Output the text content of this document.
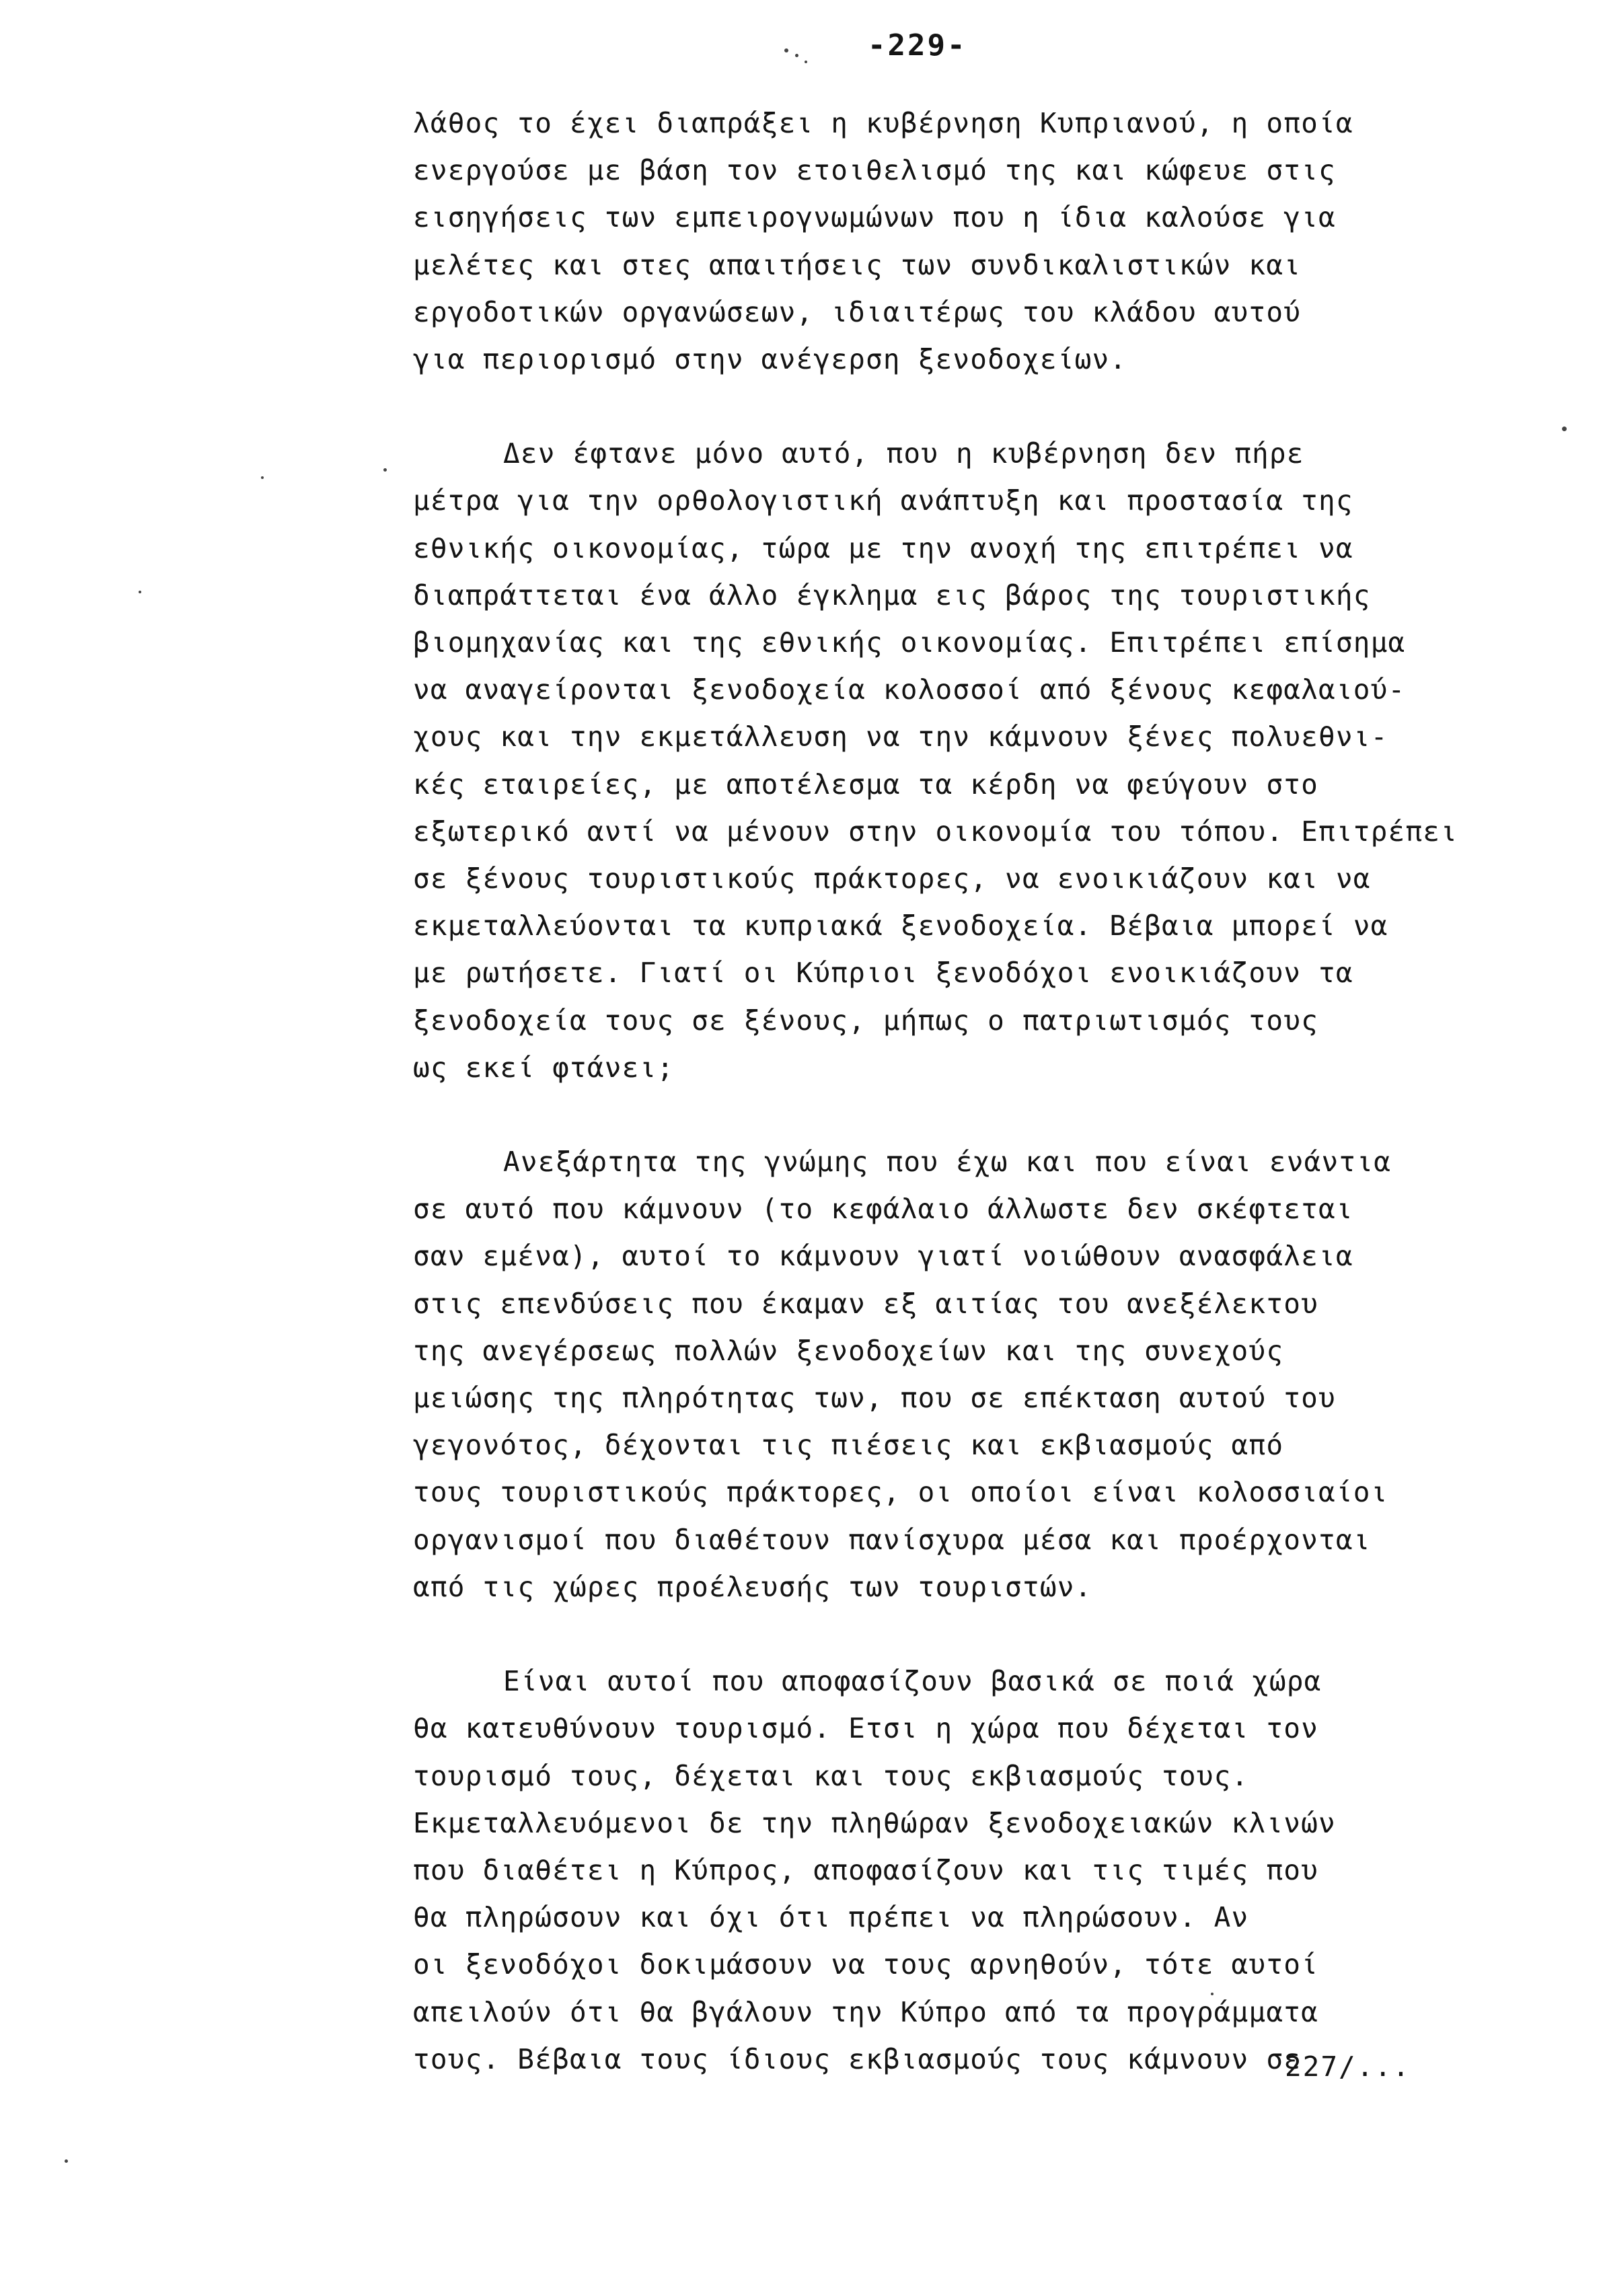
-229-
λάθος το έχει διαπράξει η κυβέρνηση Κυπριανού, η οποία
ενεργούσε με βάση τον ετοιθελισμό της και κώφευε στις
εισηγήσεις των εμπειρογνωμώνων που η ίδια καλούσε για
μελέτες και στες απαιτήσεις των συνδικαλιστικών και
εργοδοτικών οργανώσεων, ιδιαιτέρως του κλάδου αυτού
για περιορισμό στην ανέγερση ξενοδοχείων.
Δεν έφτανε μόνο αυτό, που η κυβέρνηση δεν πήρε
μέτρα για την ορθολογιστική ανάπτυξη και προστασία της
εθνικής οικονομίας, τώρα με την ανοχή της επιτρέπει να
διαπράττεται ένα άλλο έγκλημα εις βάρος της τουριστικής
βιομηχανίας και της εθνικής οικονομίας. Επιτρέπει επίσημα
να αναγείρονται ξενοδοχεία κολοσσοί από ξένους κεφαλαιού-
χους και την εκμετάλλευση να την κάμνουν ξένες πολυεθνι-
κές εταιρείες, με αποτέλεσμα τα κέρδη να φεύγουν στο
εξωτερικό αντί να μένουν στην οικονομία του τόπου. Επιτρέπει
σε ξένους τουριστικούς πράκτορες, να ενοικιάζουν και να
εκμεταλλεύονται τα κυπριακά ξενοδοχεία. Βέβαια μπορεί να
με ρωτήσετε. Γιατί οι Κύπριοι ξενοδόχοι ενοικιάζουν τα
ξενοδοχεία τους σε ξένους, μήπως ο πατριωτισμός τους
ως εκεί φτάνει;
Ανεξάρτητα της γνώμης που έχω και που είναι ενάντια
σε αυτό που κάμνουν (το κεφάλαιο άλλωστε δεν σκέφτεται
σαν εμένα), αυτοί το κάμνουν γιατί νοιώθουν ανασφάλεια
στις επενδύσεις που έκαμαν εξ αιτίας του ανεξέλεκτου
της ανεγέρσεως πολλών ξενοδοχείων και της συνεχούς
μειώσης της πληρότητας των, που σε επέκταση αυτού του
γεγονότος, δέχονται τις πιέσεις και εκβιασμούς από
τους τουριστικούς πράκτορες, οι οποίοι είναι κολοσσιαίοι
οργανισμοί που διαθέτουν πανίσχυρα μέσα και προέρχονται
από τις χώρες προέλευσής των τουριστών.
Είναι αυτοί που αποφασίζουν βασικά σε ποιά χώρα
θα κατευθύνουν τουρισμό. Ετσι η χώρα που δέχεται τον
τουρισμό τους, δέχεται και τους εκβιασμούς τους.
Εκμεταλλευόμενοι δε την πληθώραν ξενοδοχειακών κλινών
που διαθέτει η Κύπρος, αποφασίζουν και τις τιμές που
θα πληρώσουν και όχι ότι πρέπει να πληρώσουν. Αν
οι ξενοδόχοι δοκιμάσουν να τους αρνηθούν, τότε αυτοί
απειλούν ότι θα βγάλουν την Κύπρο από τα προγράμματα
τους. Βέβαια τους ίδιους εκβιασμούς τους κάμνουν σε
227/...
